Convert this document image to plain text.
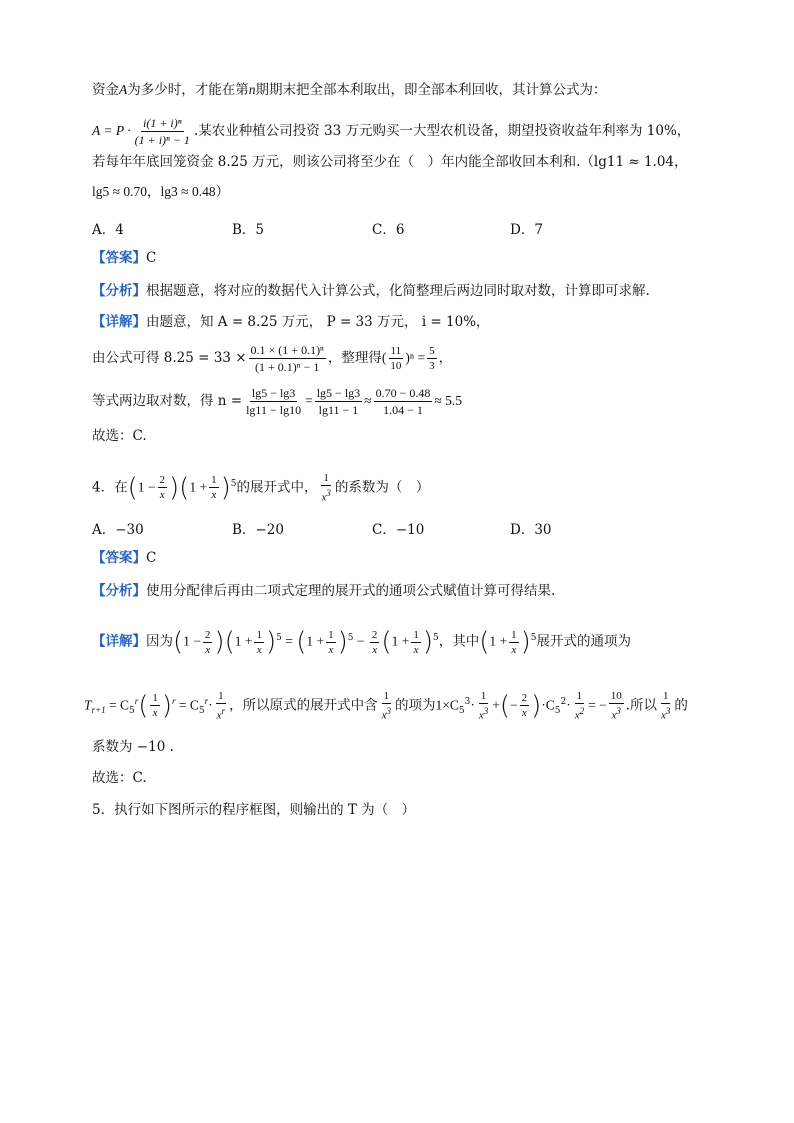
资金A为多少时，才能在第n期期末把全部本利取出，即全部本利回收，其计算公式为：
$A = P \cdot \frac{\text{i(1 + i)ⁿ}}{\text{(1 + i)ⁿ − 1}}$ .某农业种植公司投资 33 万元购买一大型农机设备，期望投资收益年利率为 10%，
若每年年底回笼资金 8.25 万元，则该公司将至少在（　）年内能全部收回本利和.（lg11 ≈ 1.04，
lg5 ≈ 0.70，lg3 ≈ 0.48）
A．4	B．5	C．6	D．7
【答案】C
【分析】根据题意，将对应的数据代入计算公式，化简整理后两边同时取对数，计算即可求解.
【详解】由题意，知 A = 8.25 万元， P = 33 万元， i = 10%，
由公式可得 $8.25 = 33 \times \frac{\text{0.1 × (1 + 0.1)ⁿ}}{\text{(1 + 0.1)ⁿ − 1}}$ ，整理得( $\frac{11}{10} )^n = \frac{5}{3}$ ，
等式两边取对数，得 $n = \frac{\lg 5 - \lg 3}{\lg 11 - \lg 10} = \frac{\lg 5 - \lg 3}{\lg 11 - 1} \approx \frac{0.70 - 0.48}{1.04 - 1} \approx 5.5$
故选：C.
4．在$(1 - \frac{2}{x} )(1 + \frac{1}{x} )^5$的展开式中， $\frac{1}{x^3}$ 的系数为（　）
A．−30	B．−20	C．−10	D．30
【答案】C
【分析】使用分配律后再由二项式定理的展开式的通项公式赋值计算可得结果.
【详解】因为$(1 - \frac{2}{x} )(1 + \frac{1}{x} )^5 = (1 + \frac{1}{x} )^5 - \frac{2}{x} (1 + \frac{1}{x} )^5$，其中$(1 + \frac{1}{x} )^5$展开式的通项为
$T_{r+1} = C_5^r( \frac{1}{x} )^r = C_5^r\cdot \frac{1}{x^r}$ ，所以原式的展开式中含 $\frac{1}{x^3}$ 的项为$1\times C_5^3\cdot \frac{1}{x^3}$ +(− $\frac{2}{x} )\cdot C_5^2\cdot \frac{1}{x^2}$ = − $\frac{10}{x^3}$ .所以 $\frac{1}{x^3}$ 的
系数为 −10 .
故选：C.
5．执行如下图所示的程序框图，则输出的 T 为（　）
